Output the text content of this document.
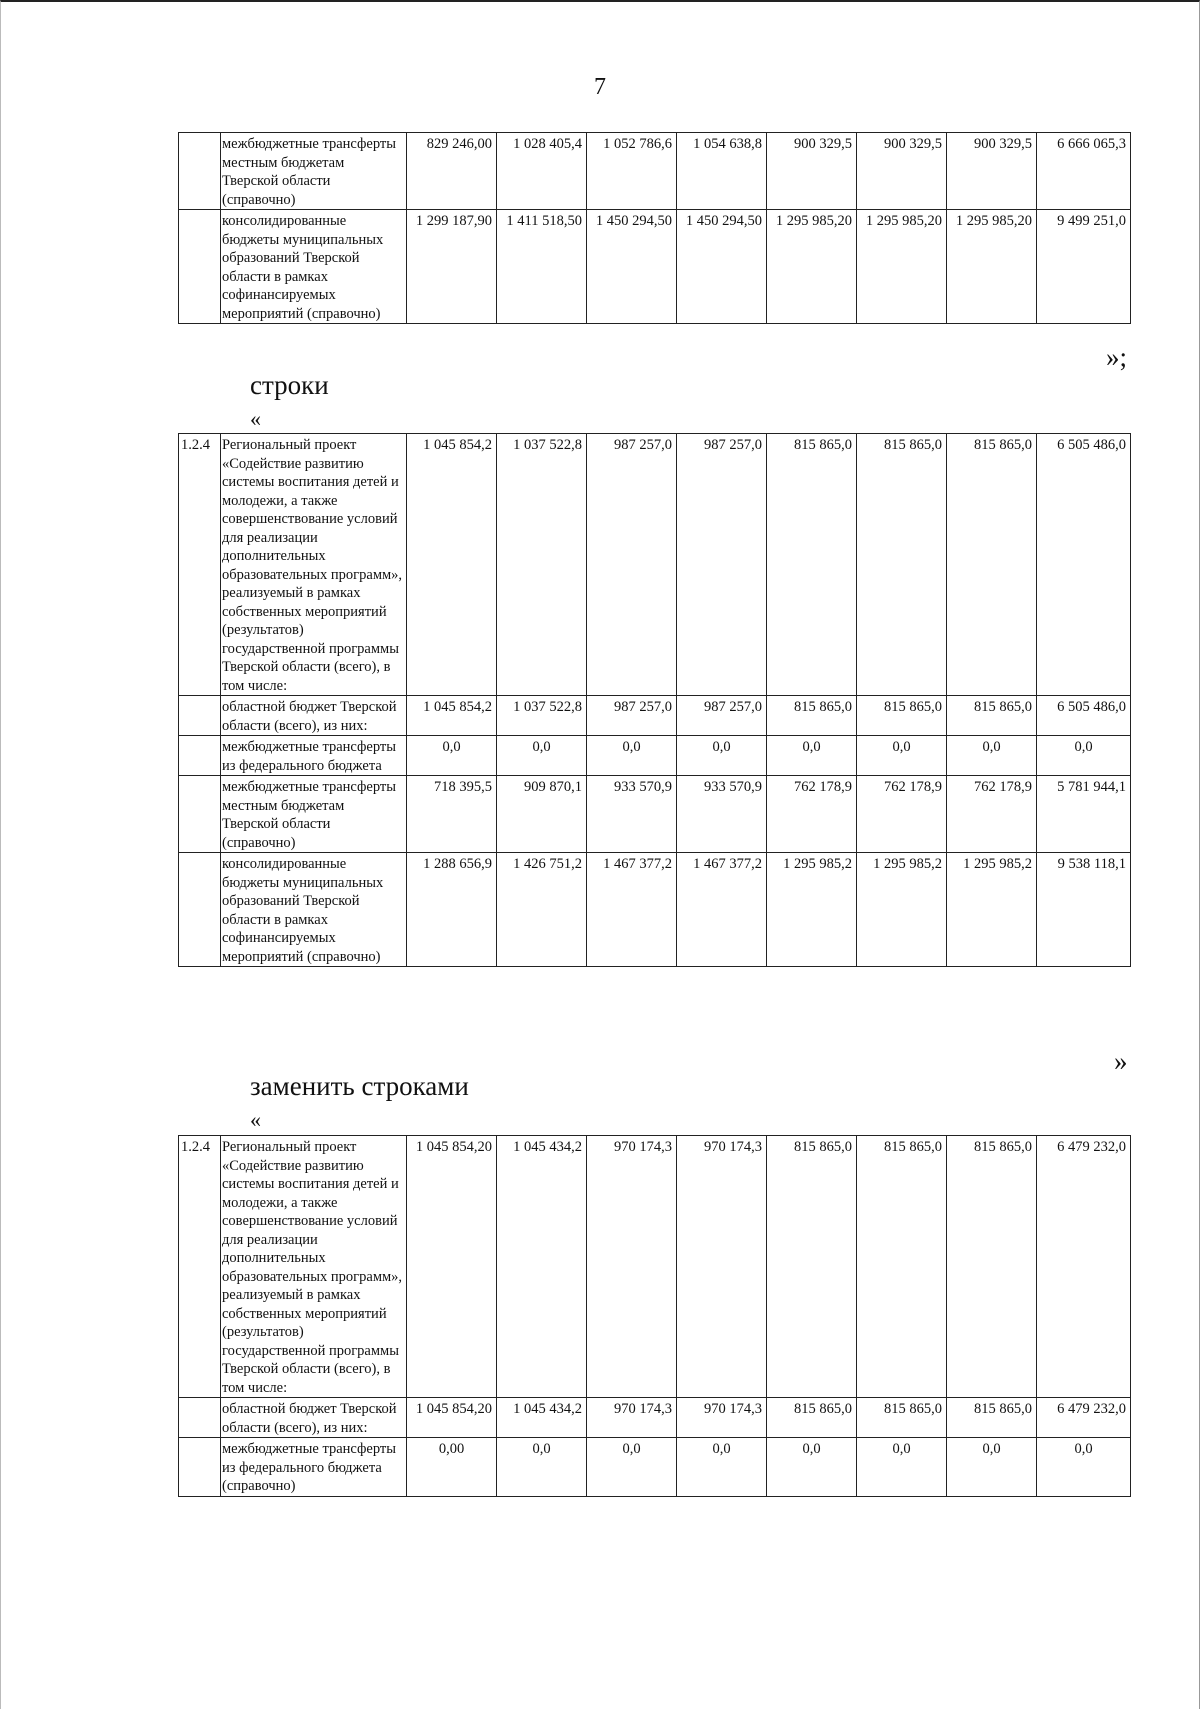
7
	межбюджетные трансферты местным бюджетам Тверской области (справочно)	829 246,00	1 028 405,4	1 052 786,6	1 054 638,8	900 329,5	900 329,5	900 329,5	6 666 065,3
	консолидированные бюджеты муниципальных образований Тверской области в рамках софинансируемых мероприятий (справочно)	1 299 187,90	1 411 518,50	1 450 294,50	1 450 294,50	1 295 985,20	1 295 985,20	1 295 985,20	9 499 251,0
»;
строки
«
1.2.4	Региональный проект «Содействие развитию системы воспитания детей и молодежи, а также совершенствование условий для реализации дополнительных образовательных программ», реализуемый в рамках собственных мероприятий (результатов) государственной программы Тверской области (всего), в том числе:	1 045 854,2	1 037 522,8	987 257,0	987 257,0	815 865,0	815 865,0	815 865,0	6 505 486,0
	областной бюджет Тверской области (всего), из них:	1 045 854,2	1 037 522,8	987 257,0	987 257,0	815 865,0	815 865,0	815 865,0	6 505 486,0
	межбюджетные трансферты из федерального бюджета	0,0	0,0	0,0	0,0	0,0	0,0	0,0	0,0
	межбюджетные трансферты местным бюджетам Тверской области (справочно)	718 395,5	909 870,1	933 570,9	933 570,9	762 178,9	762 178,9	762 178,9	5 781 944,1
	консолидированные бюджеты муниципальных образований Тверской области в рамках софинансируемых мероприятий (справочно)	1 288 656,9	1 426 751,2	1 467 377,2	1 467 377,2	1 295 985,2	1 295 985,2	1 295 985,2	9 538 118,1
»
заменить строками
«
1.2.4	Региональный проект «Содействие развитию системы воспитания детей и молодежи, а также совершенствование условий для реализации дополнительных образовательных программ», реализуемый в рамках собственных мероприятий (результатов) государственной программы Тверской области (всего), в том числе:	1 045 854,20	1 045 434,2	970 174,3	970 174,3	815 865,0	815 865,0	815 865,0	6 479 232,0
	областной бюджет Тверской области (всего), из них:	1 045 854,20	1 045 434,2	970 174,3	970 174,3	815 865,0	815 865,0	815 865,0	6 479 232,0
	межбюджетные трансферты из федерального бюджета (справочно)	0,00	0,0	0,0	0,0	0,0	0,0	0,0	0,0
